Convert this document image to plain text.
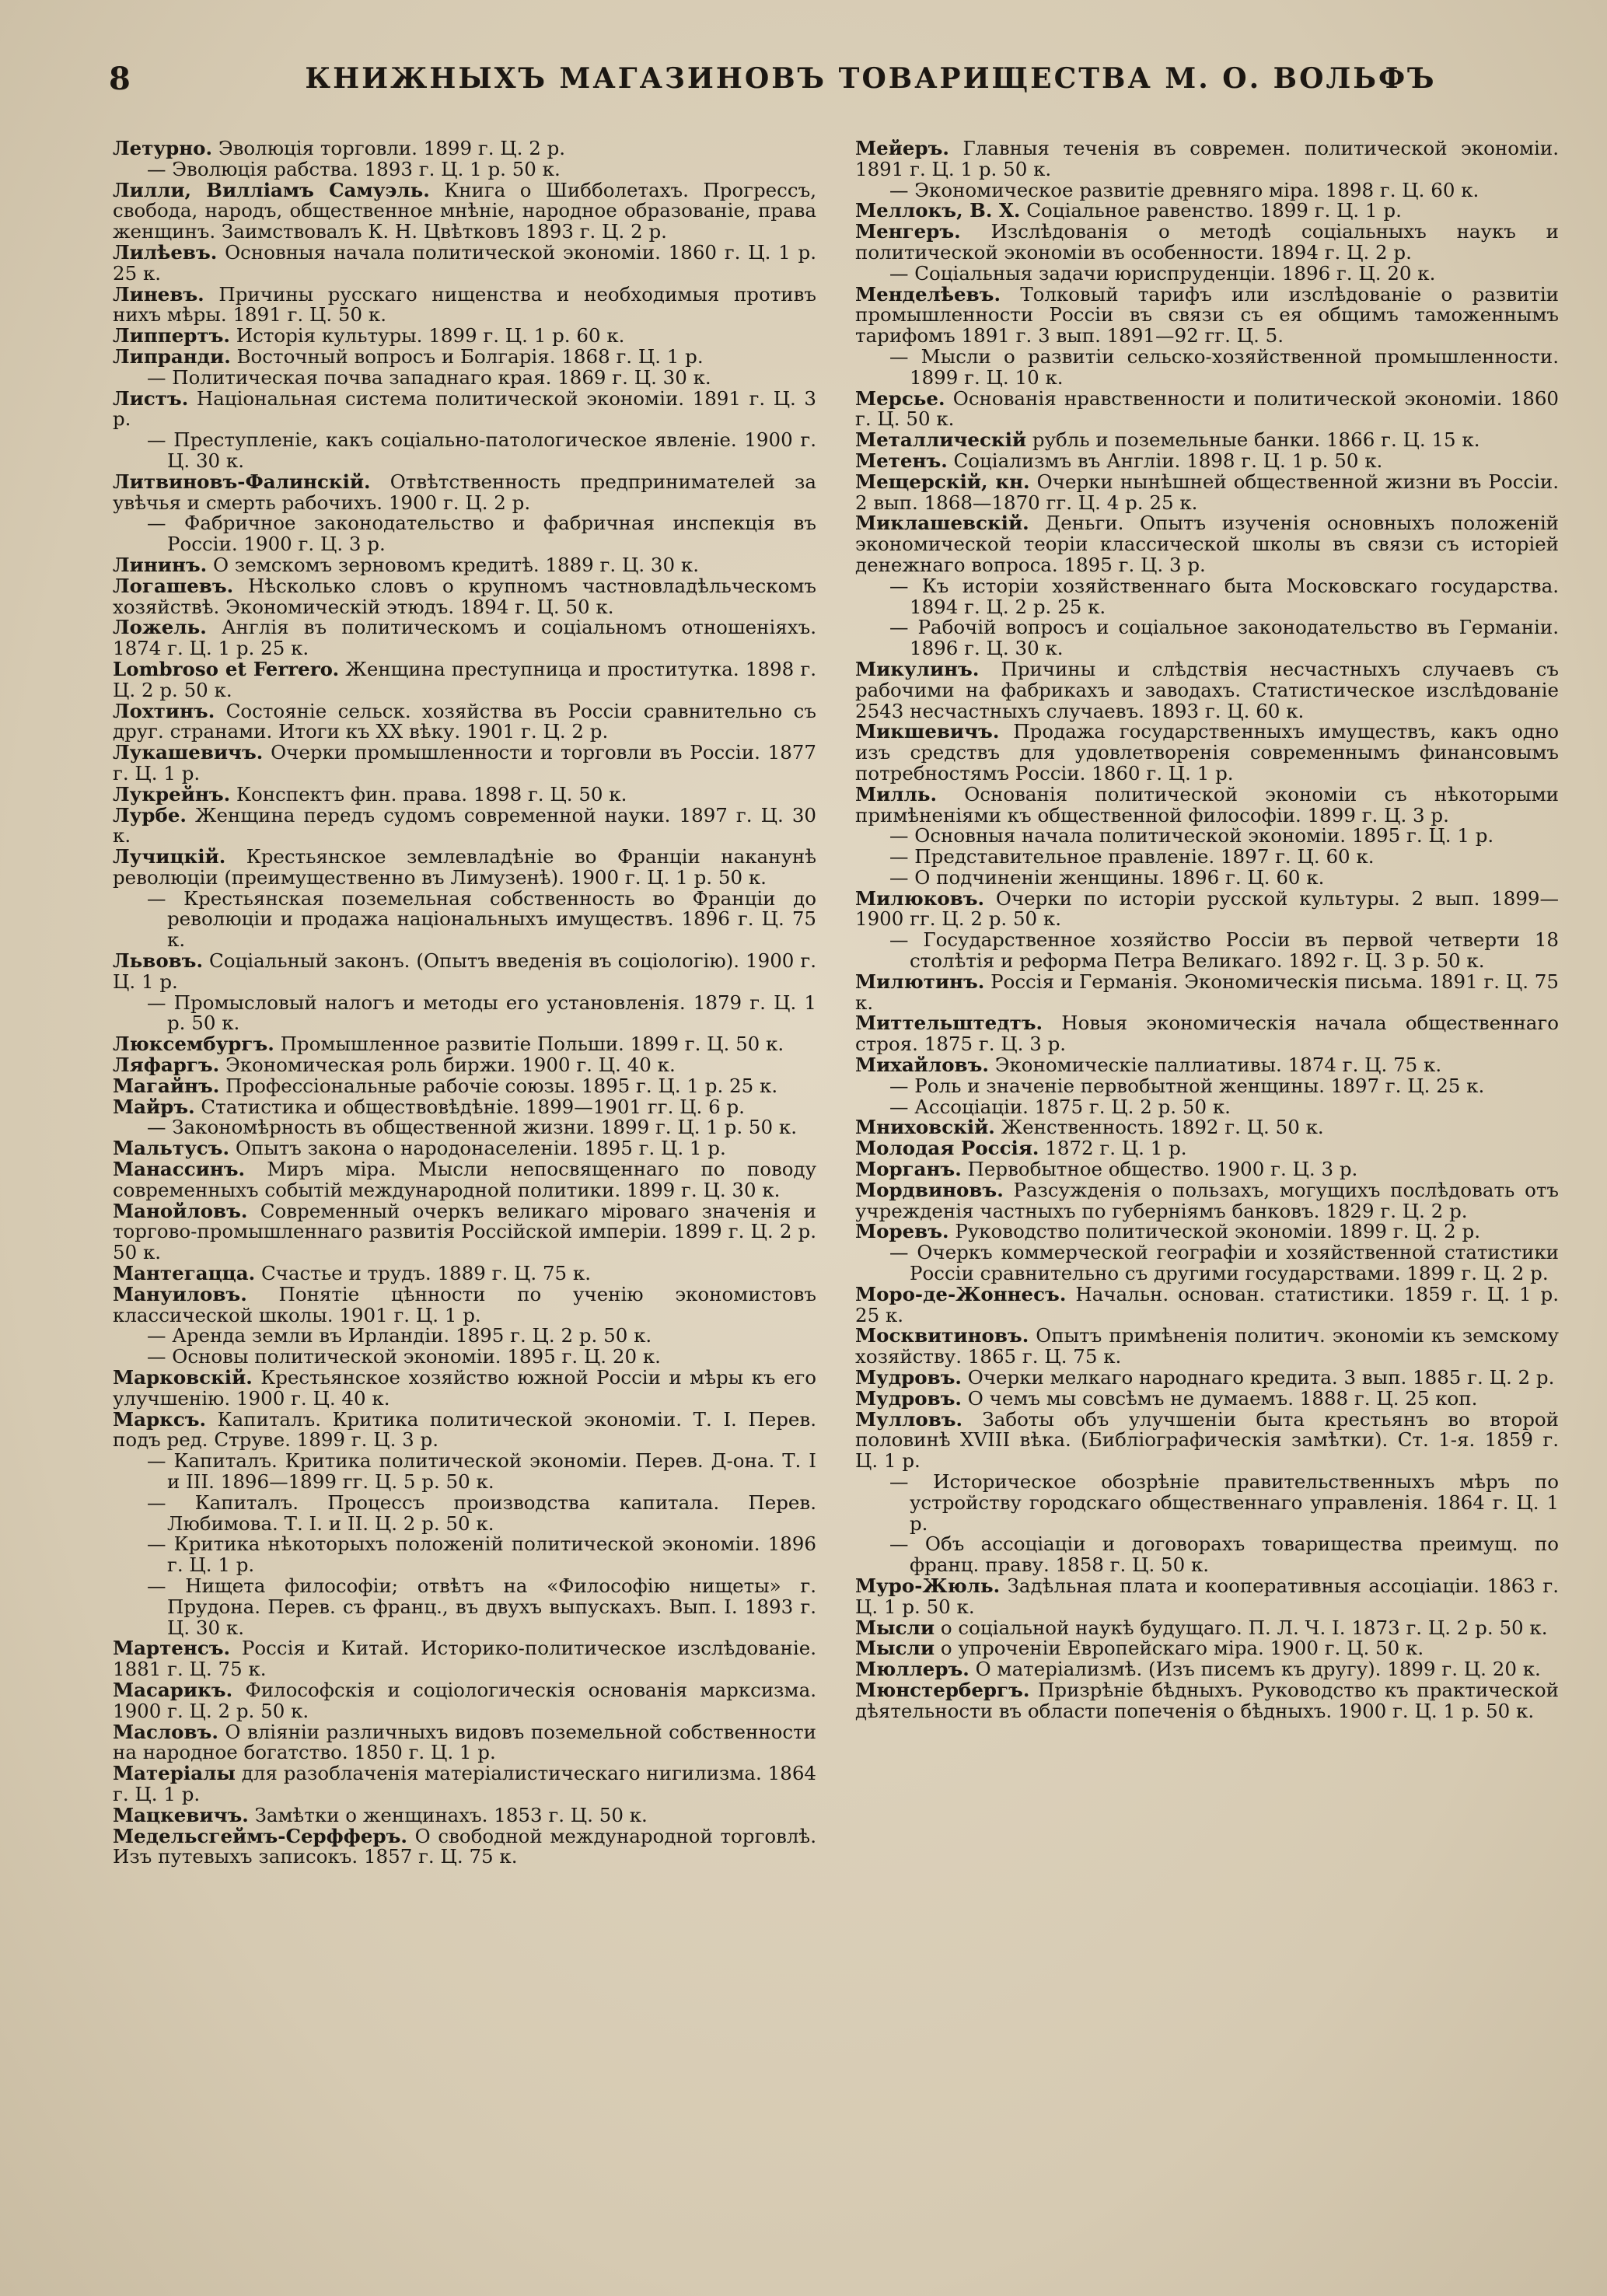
8	КНИЖНЫХЪ МАГАЗИНОВЪ ТОВАРИЩЕСТВА М. О. ВОЛЬФЪ

Летурно. Эволюція торговли. 1899 г. Ц. 2 р.

— Эволюція рабства. 1893 г. Ц. 1 р. 50 к.

Лилли, Вилліамъ Самуэль. Книга о Шибболетахъ. Прогрессъ, свобода, народъ, общественное мнѣніе, народное образованіе, права женщинъ. Заимствовалъ К. Н. Цвѣтковъ 1893 г. Ц. 2 р.

Лилѣевъ. Основныя начала политической экономіи. 1860 г. Ц. 1 р. 25 к.

Линевъ. Причины русскаго нищенства и необходимыя противъ нихъ мѣры. 1891 г. Ц. 50 к.

Липпертъ. Исторія культуры. 1899 г. Ц. 1 р. 60 к.

Липранди. Восточный вопросъ и Болгарія. 1868 г. Ц. 1 р.

— Политическая почва западнаго края. 1869 г. Ц. 30 к.

Листъ. Національная система политической экономіи. 1891 г. Ц. 3 р.

— Преступленіе, какъ соціально-патологическое явленіе. 1900 г. Ц. 30 к.

Литвиновъ-Фалинскій. Отвѣтственность предпринимателей за увѣчья и смерть рабочихъ. 1900 г. Ц. 2 р.

— Фабричное законодательство и фабричная инспекція въ Россіи. 1900 г. Ц. 3 р.

Лининъ. О земскомъ зерновомъ кредитѣ. 1889 г. Ц. 30 к.

Логашевъ. Нѣсколько словъ о крупномъ частновладѣльческомъ хозяйствѣ. Экономическій этюдъ. 1894 г. Ц. 50 к.

Ложель. Англія въ политическомъ и соціальномъ отношеніяхъ. 1874 г. Ц. 1 р. 25 к.

Lombroso et Ferrero. Женщина преступница и проститутка. 1898 г. Ц. 2 р. 50 к.

Лохтинъ. Состояніе сельск. хозяйства въ Россіи сравнительно съ друг. странами. Итоги къ XX вѣку. 1901 г. Ц. 2 р.

Лукашевичъ. Очерки промышленности и торговли въ Россіи. 1877 г. Ц. 1 р.

Лукрейнъ. Конспектъ фин. права. 1898 г. Ц. 50 к.

Лурбе. Женщина передъ судомъ современной науки. 1897 г. Ц. 30 к.

Лучицкій. Крестьянское землевладѣніе во Франціи наканунѣ революціи (преимущественно въ Лимузенѣ). 1900 г. Ц. 1 р. 50 к.

— Крестьянская поземельная собственность во Франціи до революціи и продажа національныхъ имуществъ. 1896 г. Ц. 75 к.

Львовъ. Соціальный законъ. (Опытъ введенія въ соціологію). 1900 г. Ц. 1 р.

— Промысловый налогъ и методы его установленія. 1879 г. Ц. 1 р. 50 к.

Люксембургъ. Промышленное развитіе Польши. 1899 г. Ц. 50 к.

Ляфаргъ. Экономическая роль биржи. 1900 г. Ц. 40 к.

Магайнъ. Профессіональные рабочіе союзы. 1895 г. Ц. 1 р. 25 к.

Майръ. Статистика и обществовѣдѣніе. 1899—1901 гг. Ц. 6 р.

— Закономѣрность въ общественной жизни. 1899 г. Ц. 1 р. 50 к.

Мальтусъ. Опытъ закона о народонаселеніи. 1895 г. Ц. 1 р.

Манассинъ. Миръ міра. Мысли непосвященнаго по поводу современныхъ событій международной политики. 1899 г. Ц. 30 к.

Манойловъ. Современный очеркъ великаго міроваго значенія и торгово-промышленнаго развитія Россійской имперіи. 1899 г. Ц. 2 р. 50 к.

Мантегацца. Счастье и трудъ. 1889 г. Ц. 75 к.

Мануиловъ. Понятіе цѣнности по ученію экономистовъ классической школы. 1901 г. Ц. 1 р.

— Аренда земли въ Ирландіи. 1895 г. Ц. 2 р. 50 к.

— Основы политической экономіи. 1895 г. Ц. 20 к.

Марковскій. Крестьянское хозяйство южной Россіи и мѣры къ его улучшенію. 1900 г. Ц. 40 к.

Марксъ. Капиталъ. Критика политической экономіи. Т. I. Перев. подъ ред. Струве. 1899 г. Ц. 3 р.

— Капиталъ. Критика политической экономіи. Перев. Д-она. Т. I и III. 1896—1899 гг. Ц. 5 р. 50 к.

— Капиталъ. Процессъ производства капитала. Перев. Любимова. Т. I. и II. Ц. 2 р. 50 к.

— Критика нѣкоторыхъ положеній политической экономіи. 1896 г. Ц. 1 р.

— Нищета философіи; отвѣтъ на «Философію нищеты» г. Прудона. Перев. съ франц., въ двухъ выпускахъ. Вып. I. 1893 г. Ц. 30 к.

Мартенсъ. Россія и Китай. Историко-политическое изслѣдованіе. 1881 г. Ц. 75 к.

Масарикъ. Философскія и соціологическія основанія марксизма. 1900 г. Ц. 2 р. 50 к.

Масловъ. О вліяніи различныхъ видовъ поземельной собственности на народное богатство. 1850 г. Ц. 1 р.

Матеріалы для разоблаченія матеріалистическаго нигилизма. 1864 г. Ц. 1 р.

Мацкевичъ. Замѣтки о женщинахъ. 1853 г. Ц. 50 к.

Медельсгеймъ-Серфферъ. О свободной международной торговлѣ. Изъ путевыхъ записокъ. 1857 г. Ц. 75 к.

Мейеръ. Главныя теченія въ современ. политической экономіи. 1891 г. Ц. 1 р. 50 к.

— Экономическое развитіе древняго міра. 1898 г. Ц. 60 к.

Меллокъ, В. Х. Соціальное равенство. 1899 г. Ц. 1 р.

Менгеръ. Изслѣдованія о методѣ соціальныхъ наукъ и политической экономіи въ особенности. 1894 г. Ц. 2 р.

— Соціальныя задачи юриспруденціи. 1896 г. Ц. 20 к.

Менделѣевъ. Толковый тарифъ или изслѣдованіе о развитіи промышленности Россіи въ связи съ ея общимъ таможеннымъ тарифомъ 1891 г. 3 вып. 1891—92 гг. Ц. 5.

— Мысли о развитіи сельско-хозяйственной промышленности. 1899 г. Ц. 10 к.

Мерсье. Основанія нравственности и политической экономіи. 1860 г. Ц. 50 к.

Металлическій рубль и поземельные банки. 1866 г. Ц. 15 к.

Метенъ. Соціализмъ въ Англіи. 1898 г. Ц. 1 р. 50 к.

Мещерскій, кн. Очерки нынѣшней общественной жизни въ Россіи. 2 вып. 1868—1870 гг. Ц. 4 р. 25 к.

Миклашевскій. Деньги. Опытъ изученія основныхъ положеній экономической теоріи классической школы въ связи съ исторіей денежнаго вопроса. 1895 г. Ц. 3 р.

— Къ исторіи хозяйственнаго быта Московскаго государства. 1894 г. Ц. 2 р. 25 к.

— Рабочій вопросъ и соціальное законодательство въ Германіи. 1896 г. Ц. 30 к.

Микулинъ. Причины и слѣдствія несчастныхъ случаевъ съ рабочими на фабрикахъ и заводахъ. Статистическое изслѣдованіе 2543 несчастныхъ случаевъ. 1893 г. Ц. 60 к.

Микшевичъ. Продажа государственныхъ имуществъ, какъ одно изъ средствъ для удовлетворенія современнымъ финансовымъ потребностямъ Россіи. 1860 г. Ц. 1 р.

Милль. Основанія политической экономіи съ нѣкоторыми примѣненіями къ общественной философіи. 1899 г. Ц. 3 р.

— Основныя начала политической экономіи. 1895 г. Ц. 1 р.

— Представительное правленіе. 1897 г. Ц. 60 к.

— О подчиненіи женщины. 1896 г. Ц. 60 к.

Милюковъ. Очерки по исторіи русской культуры. 2 вып. 1899—1900 гг. Ц. 2 р. 50 к.

— Государственное хозяйство Россіи въ первой четверти 18 столѣтія и реформа Петра Великаго. 1892 г. Ц. 3 р. 50 к.

Милютинъ. Россія и Германія. Экономическія письма. 1891 г. Ц. 75 к.

Миттельштедтъ. Новыя экономическія начала общественнаго строя. 1875 г. Ц. 3 р.

Михайловъ. Экономическіе паллиативы. 1874 г. Ц. 75 к.

— Роль и значеніе первобытной женщины. 1897 г. Ц. 25 к.

— Ассоціаціи. 1875 г. Ц. 2 р. 50 к.

Мниховскій. Женственность. 1892 г. Ц. 50 к.

Молодая Россія. 1872 г. Ц. 1 р.

Морганъ. Первобытное общество. 1900 г. Ц. 3 р.

Мордвиновъ. Разсужденія о пользахъ, могущихъ послѣдовать отъ учрежденія частныхъ по губерніямъ банковъ. 1829 г. Ц. 2 р.

Моревъ. Руководство политической экономіи. 1899 г. Ц. 2 р.

— Очеркъ коммерческой географіи и хозяйственной статистики Россіи сравнительно съ другими государствами. 1899 г. Ц. 2 р.

Моро-де-Жоннесъ. Начальн. основан. статистики. 1859 г. Ц. 1 р. 25 к.

Москвитиновъ. Опытъ примѣненія политич. экономіи къ земскому хозяйству. 1865 г. Ц. 75 к.

Мудровъ. Очерки мелкаго народнаго кредита. 3 вып. 1885 г. Ц. 2 р.

Мудровъ. О чемъ мы совсѣмъ не думаемъ. 1888 г. Ц. 25 коп.

Мулловъ. Заботы объ улучшеніи быта крестьянъ во второй половинѣ XVIII вѣка. (Библіографическія замѣтки). Ст. 1-я. 1859 г. Ц. 1 р.

— Историческое обозрѣніе правительственныхъ мѣръ по устройству городскаго общественнаго управленія. 1864 г. Ц. 1 р.

— Объ ассоціаціи и договорахъ товарищества преимущ. по франц. праву. 1858 г. Ц. 50 к.

Муро-Жюль. Задѣльная плата и кооперативныя ассоціаціи. 1863 г. Ц. 1 р. 50 к.

Мысли о соціальной наукѣ будущаго. П. Л. Ч. I. 1873 г. Ц. 2 р. 50 к.

Мысли о упроченіи Европейскаго міра. 1900 г. Ц. 50 к.

Мюллеръ. О матеріализмѣ. (Изъ писемъ къ другу). 1899 г. Ц. 20 к.

Мюнстербергъ. Призрѣніе бѣдныхъ. Руководство къ практической дѣятельности въ области попеченія о бѣдныхъ. 1900 г. Ц. 1 р. 50 к.
